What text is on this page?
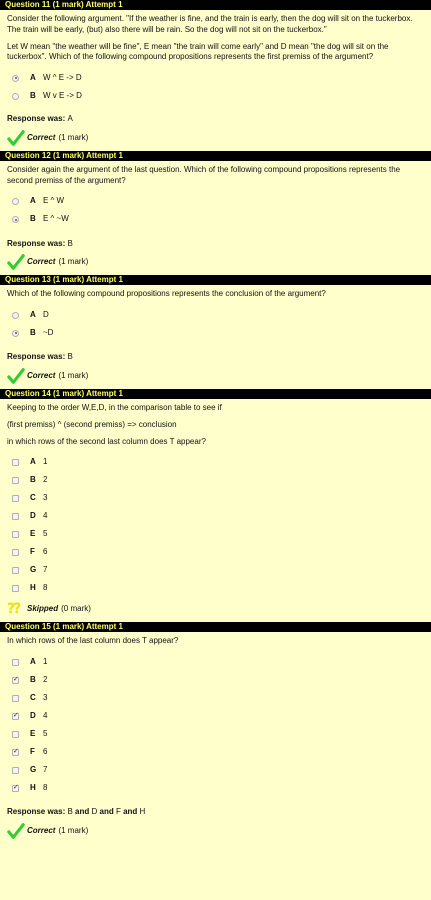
Question 11 (1 mark) Attempt 1

Consider the following argument. "If the weather is fine, and the train is early, then the dog will sit on the tuckerbox. The train will be early, (but) also there will be rain. So the dog will not sit on the tuckerbox."

Let W mean "the weather will be fine", E mean "the train will come early" and D mean "the dog will sit on the tuckerbox". Which of the following compound propositions represents the first premiss of the argument?

A W ^ E -> D
B W v E -> D
Response was: A
Correct (1 mark)
Question 12 (1 mark) Attempt 1

Consider again the argument of the last question. Which of the following compound propositions represents the second premiss of the argument?

A E ^ W
B E ^ ~W
Response was: B
Correct (1 mark)
Question 13 (1 mark) Attempt 1

Which of the following compound propositions represents the conclusion of the argument?

A D
B ~D
Response was: B
Correct (1 mark)
Question 14 (1 mark) Attempt 1

Keeping to the order W,E,D, in the comparison table to see if

(first premiss) ^ (second premiss) => conclusion

in which rows of the second last column does T appear?

A 1
B 2
C 3
D 4
E 5
F	6
G 7
H 8
?? Skipped (0 mark)
Question 15 (1 mark) Attempt 1

In which rows of the last column does T appear?

A 1
✓
B 2
C 3
✓
D 4
E 5
✓
F	6
G 7
✓
H 8
Response was: B and D and F and H
Correct (1 mark)
